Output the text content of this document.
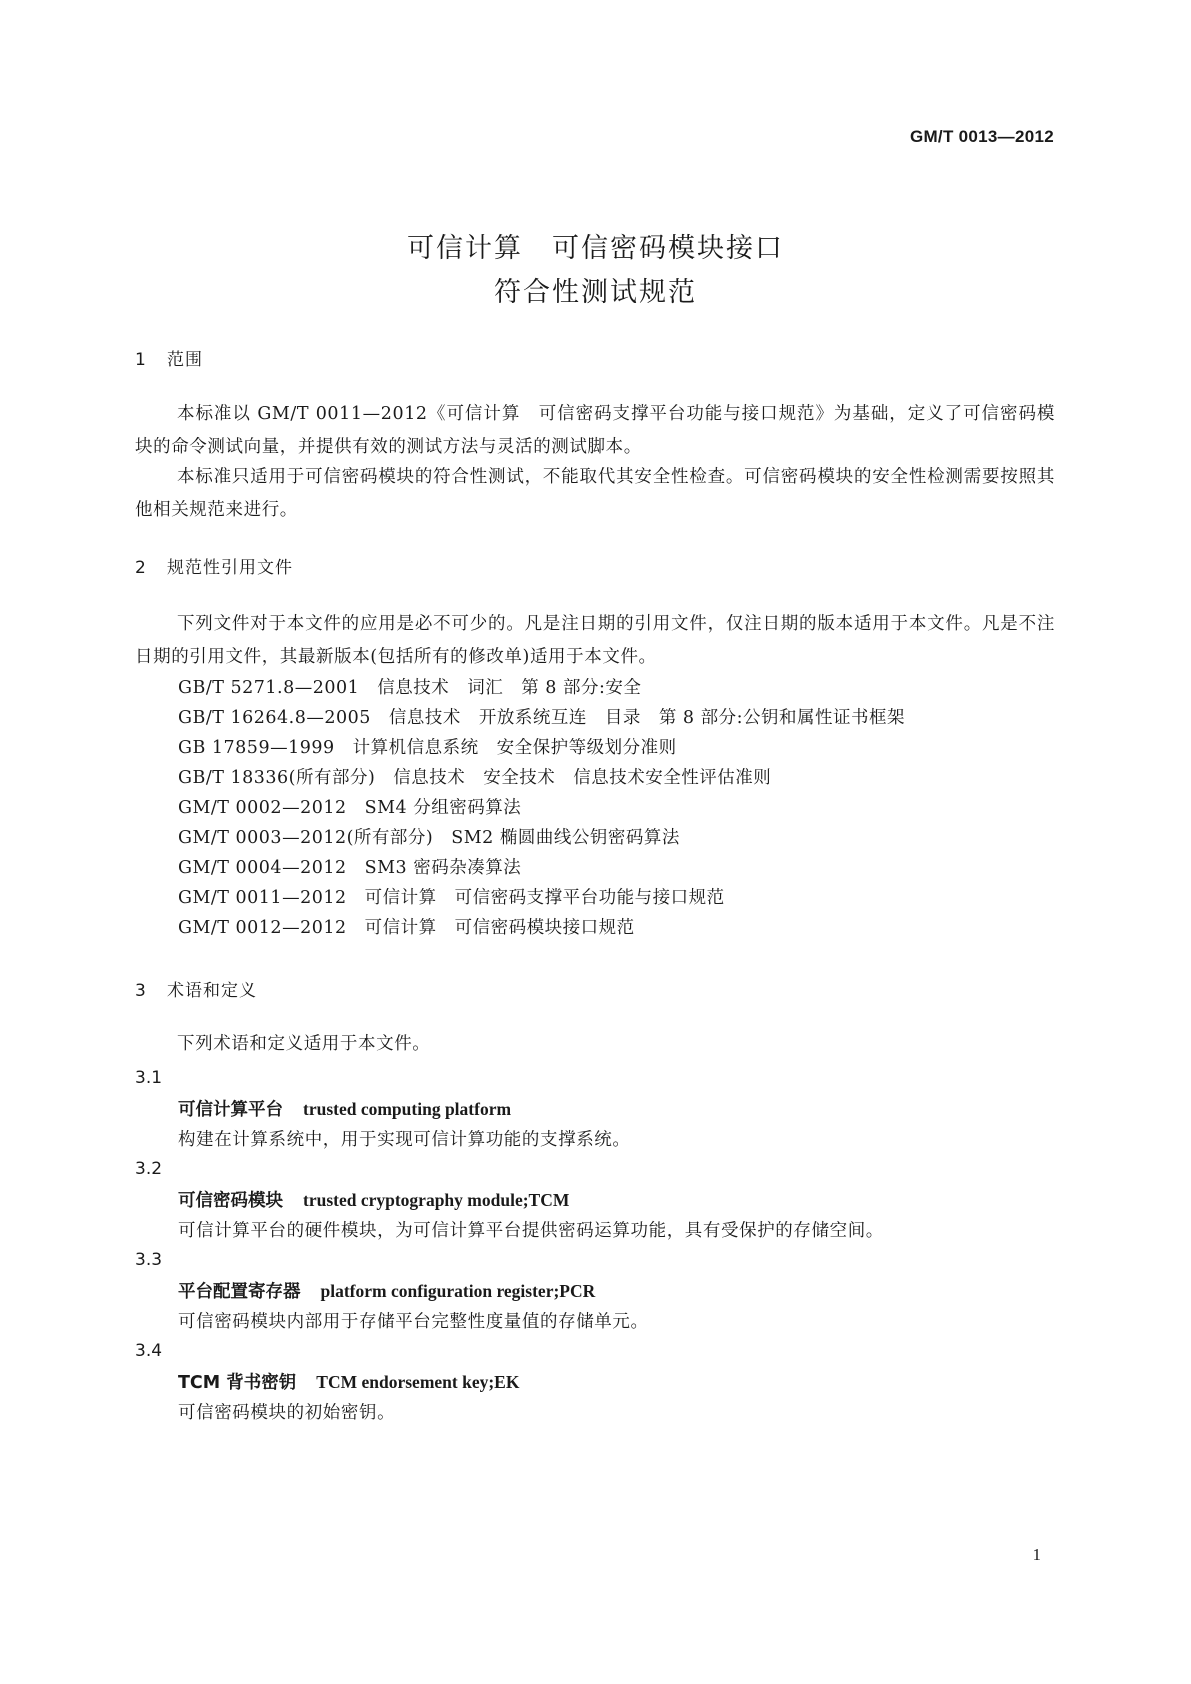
GM/T 0013—2012
可信计算　可信密码模块接口
符合性测试规范
1 范围
本标准以 GM/T 0011—2012《可信计算　可信密码支撑平台功能与接口规范》为基础，定义了可信密码模块的命令测试向量，并提供有效的测试方法与灵活的测试脚本。
本标准只适用于可信密码模块的符合性测试，不能取代其安全性检查。可信密码模块的安全性检测需要按照其他相关规范来进行。
2 规范性引用文件
下列文件对于本文件的应用是必不可少的。凡是注日期的引用文件，仅注日期的版本适用于本文件。凡是不注日期的引用文件，其最新版本(包括所有的修改单)适用于本文件。
GB/T 5271.8—2001　信息技术　词汇　第 8 部分:安全
GB/T 16264.8—2005　信息技术　开放系统互连　目录　第 8 部分:公钥和属性证书框架
GB 17859—1999　计算机信息系统　安全保护等级划分准则
GB/T 18336(所有部分)　信息技术　安全技术　信息技术安全性评估准则
GM/T 0002—2012　SM4 分组密码算法
GM/T 0003—2012(所有部分)　SM2 椭圆曲线公钥密码算法
GM/T 0004—2012　SM3 密码杂凑算法
GM/T 0011—2012　可信计算　可信密码支撑平台功能与接口规范
GM/T 0012—2012　可信计算　可信密码模块接口规范
3 术语和定义
下列术语和定义适用于本文件。
3.1
可信计算平台 trusted computing platform
构建在计算系统中，用于实现可信计算功能的支撑系统。
3.2
可信密码模块 trusted cryptography module;TCM
可信计算平台的硬件模块，为可信计算平台提供密码运算功能，具有受保护的存储空间。
3.3
平台配置寄存器 platform configuration register;PCR
可信密码模块内部用于存储平台完整性度量值的存储单元。
3.4
TCM 背书密钥 TCM endorsement key;EK
可信密码模块的初始密钥。
1
